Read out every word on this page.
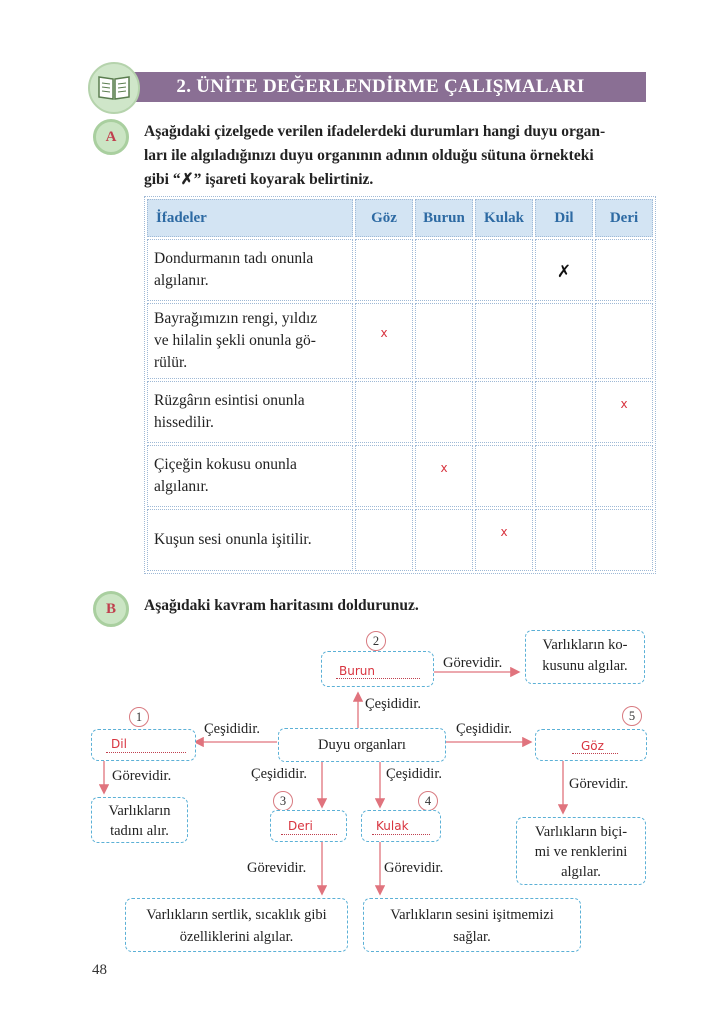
2. ÜNİTE DEĞERLENDİRME ÇALIŞMALARI
A	Aşağıdaki çizelgede verilen ifadelerdeki durumları hangi duyu organ-
ları ile algıladığınızı duyu organının adının olduğu sütuna örnekteki
gibi “✗” işareti koyarak belirtiniz.
İfadeler	Göz	Burun	Kulak	Dil	Deri

Dondurmanın tadı onunla
algılanır.				✗	

Bayrağımızın rengi, yıldız
ve hilalin şekli onunla gö-
rülür.	$^x$				

Rüzgârın esintisi onunla
hissedilir.					$^x$

Çiçeğin kokusu onunla
algılanır.		$^x$			

Kuşun sesi onunla işitilir.			$^x$		
B	Aşağıdaki kavram haritasını doldurunuz.
2
1	5
3	4
Burun
Dil	Göz
Deri	Kulak
Duyu organları
Varlıkların ko-
kusunu algılar.
Varlıkların
tadını alır.	Varlıkların biçi-
mi ve renklerini
algılar.
Varlıkların sertlik, sıcaklık gibi
özelliklerini algılar.
Varlıkların sesini işitmemizi
sağlar.
Çeşididir.
Görevidir.
Çeşididir.	Çeşididir.
Görevidir.	Çeşididir.	Çeşididir.
Görevidir.
Görevidir.	Görevidir.
48
